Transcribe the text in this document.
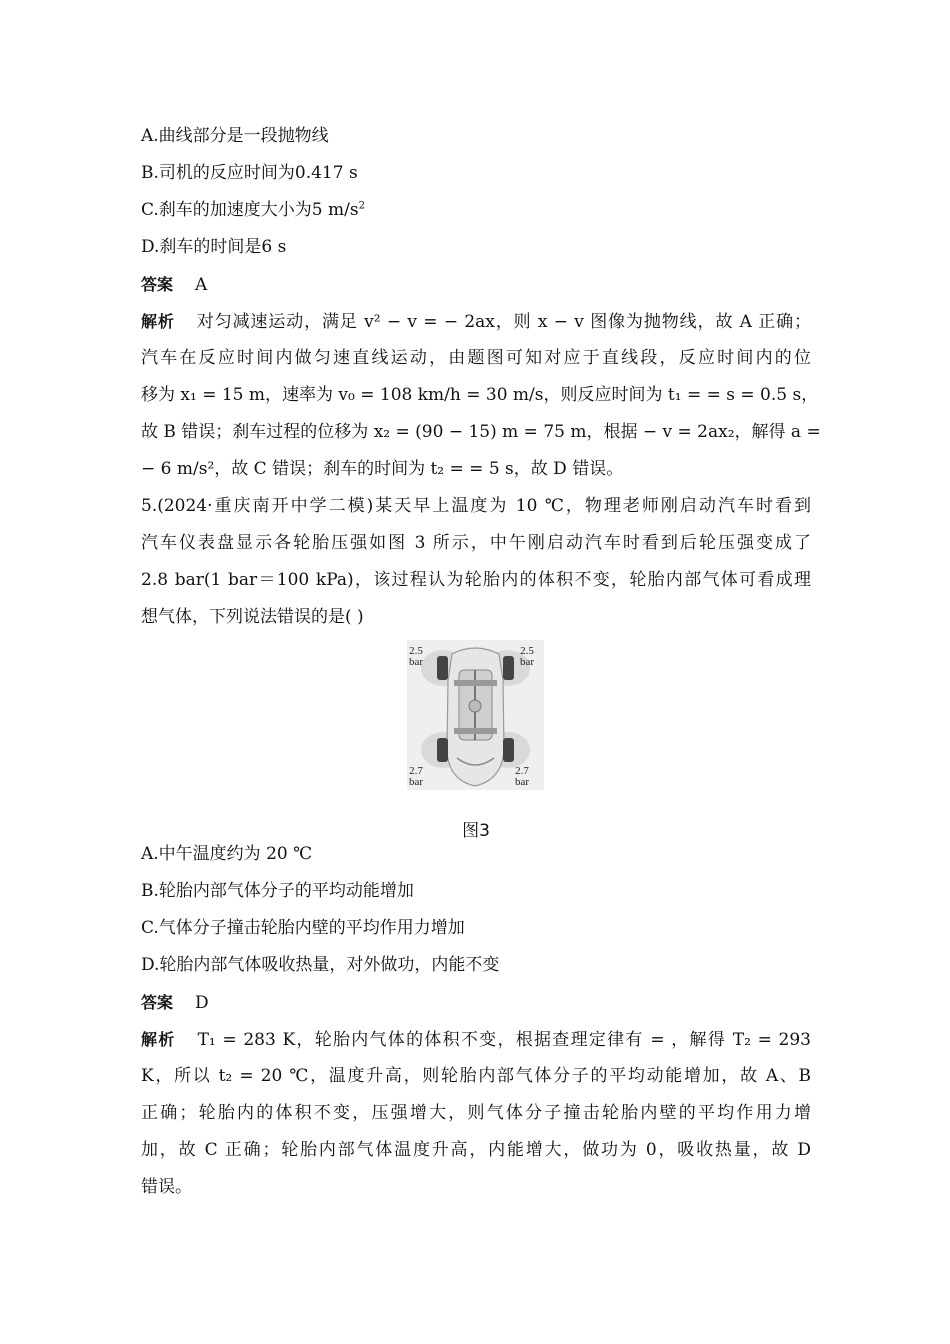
A.曲线部分是一段抛物线
B.司机的反应时间为0.417 s
C.刹车的加速度大小为5 $m/s^2$
D.刹车的时间是6 s
答案 A
解析 对匀减速运动，满足 v² − v = − 2ax，则 x − v 图像为抛物线，故 A 正确；
汽车在反应时间内做匀速直线运动，由题图可知对应于直线段，反应时间内的位
移为 x₁ = 15 m，速率为 v₀ = 108 km/h = 30 m/s，则反应时间为 t₁ = = s = 0.5 s，
故 B 错误；刹车过程的位移为 x₂ = (90 − 15) m = 75 m，根据 − v = 2ax₂，解得 a =
− 6 m/s²，故 C 错误；刹车的时间为 t₂ = = 5 s，故 D 错误。
5.(2024·重庆南开中学二模)某天早上温度为 10 ℃，物理老师刚启动汽车时看到
汽车仪表盘显示各轮胎压强如图 3 所示，中午刚启动汽车时看到后轮压强变成了
2.8 bar(1 bar＝100 kPa)，该过程认为轮胎内的体积不变，轮胎内部气体可看成理
想气体，下列说法错误的是( )
2.5
bar
2.5
bar
2.7
bar
2.7
bar
图3
A.中午温度约为 20 ℃
B.轮胎内部气体分子的平均动能增加
C.气体分子撞击轮胎内壁的平均作用力增加
D.轮胎内部气体吸收热量，对外做功，内能不变
答案 D
解析 T₁ = 283 K，轮胎内气体的体积不变，根据查理定律有 = ，解得 T₂ = 293
K，所以 t₂ = 20 ℃，温度升高，则轮胎内部气体分子的平均动能增加，故 A、B
正确；轮胎内的体积不变，压强增大，则气体分子撞击轮胎内壁的平均作用力增
加，故 C 正确；轮胎内部气体温度升高，内能增大，做功为 0，吸收热量，故 D
错误。
